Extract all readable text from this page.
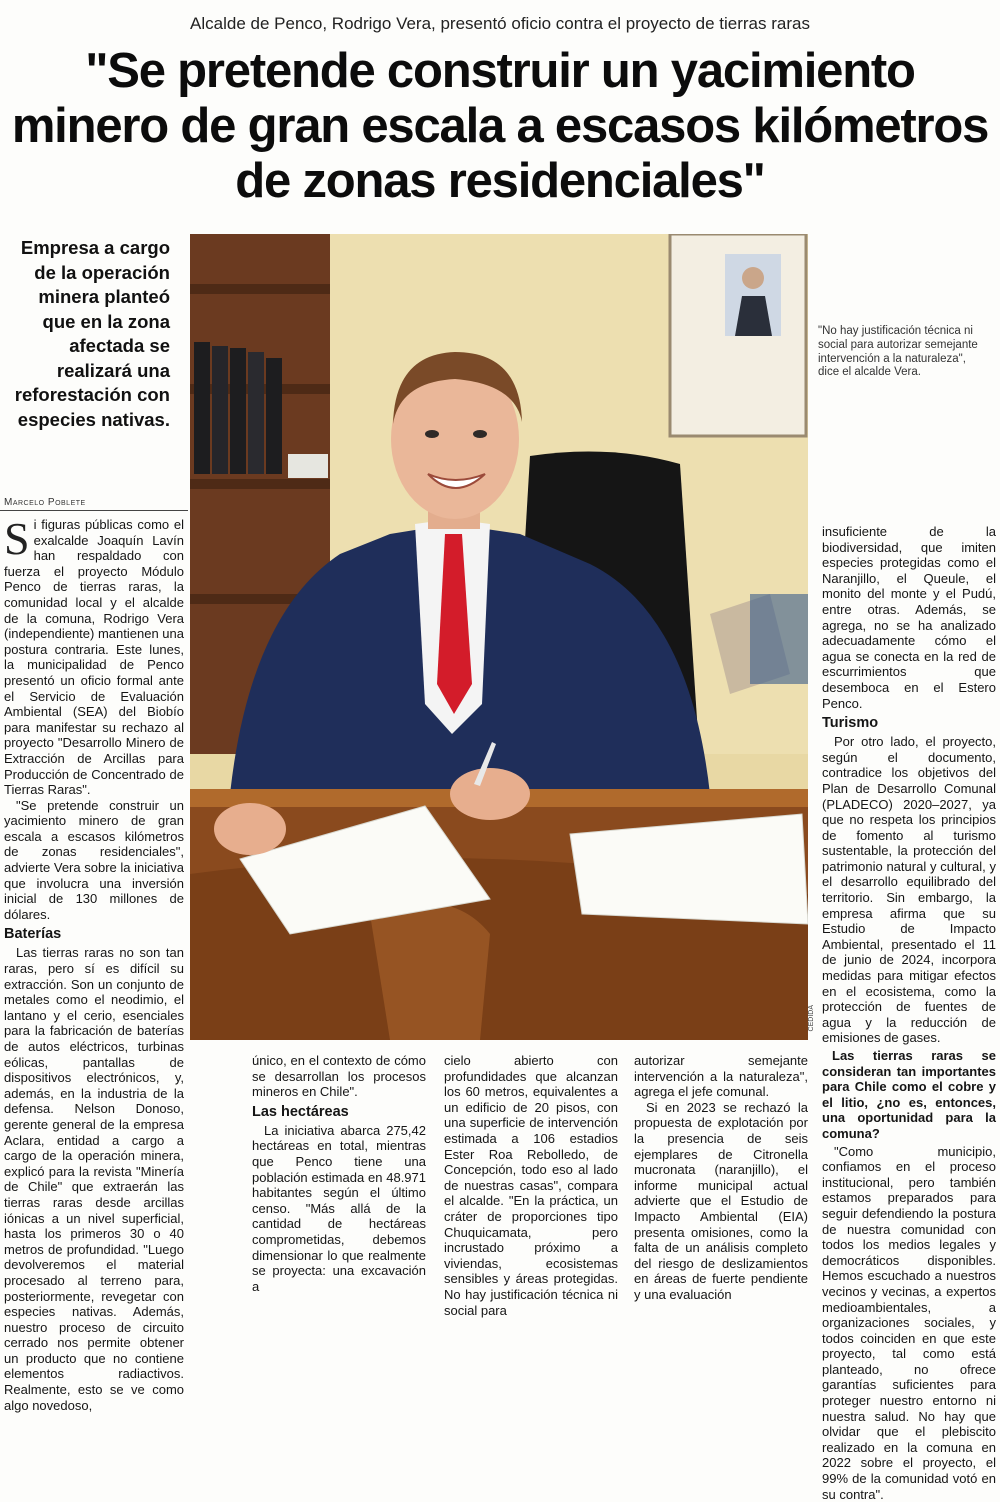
Alcalde de Penco, Rodrigo Vera, presentó oficio contra el proyecto de tierras raras
"Se pretende construir un yacimiento
minero de gran escala a escasos kilómetros
de zonas residenciales"
Empresa a cargo de la operación minera planteó que en la zona afectada se realizará una reforestación con especies nativas.
CEDIDA
"No hay justificación técnica ni social para autorizar semejante intervención a la naturaleza", dice el alcalde Vera.
Marcelo Poblete

Si figuras públicas como el exalcalde Joaquín Lavín han respaldado con fuerza el proyecto Módulo Penco de tierras raras, la comunidad local y el alcalde de la comuna, Rodrigo Vera (independiente) mantienen una postura contraria. Este lunes, la municipalidad de Penco presentó un oficio formal ante el Servicio de Evaluación Ambiental (SEA) del Biobío para manifestar su rechazo al proyecto "Desarrollo Minero de Extracción de Arcillas para Producción de Concentrado de Tierras Raras".

"Se pretende construir un yacimiento minero de gran escala a escasos kilómetros de zonas residenciales", advierte Vera sobre la iniciativa que involucra una inversión inicial de 130 millones de dólares.

Baterías

Las tierras raras no son tan raras, pero sí es difícil su extracción. Son un conjunto de metales como el neodimio, el lantano y el cerio, esenciales para la fabricación de baterías de autos eléctricos, turbinas eólicas, pantallas de dispositivos electrónicos, y, además, en la industria de la defensa. Nelson Donoso, gerente general de la empresa Aclara, entidad a cargo a cargo de la operación minera, explicó para la revista "Minería de Chile" que extraerán las tierras raras desde arcillas iónicas a un nivel superficial, hasta los primeros 30 o 40 metros de profundidad. "Luego devolveremos el material procesado al terreno para, posteriormente, revegetar con especies nativas. Además, nuestro proceso de circuito cerrado nos permite obtener un producto que no contiene elementos radiactivos. Realmente, esto se ve como algo novedoso,

único, en el contexto de cómo se desarrollan los procesos mineros en Chile".

Las hectáreas

La iniciativa abarca 275,42 hectáreas en total, mientras que Penco tiene una población estimada en 48.971 habitantes según el último censo. "Más allá de la cantidad de hectáreas comprometidas, debemos dimensionar lo que realmente se proyecta: una excavación a

cielo abierto con profundidades que alcanzan los 60 metros, equivalentes a un edificio de 20 pisos, con una superficie de intervención estimada a 106 estadios Ester Roa Rebolledo, de Concepción, todo eso al lado de nuestras casas", compara el alcalde. "En la práctica, un cráter de proporciones tipo Chuquicamata, pero incrustado próximo a viviendas, ecosistemas sensibles y áreas protegidas. No hay justificación técnica ni social para

autorizar semejante intervención a la naturaleza", agrega el jefe comunal.

Si en 2023 se rechazó la propuesta de explotación por la presencia de seis ejemplares de Citronella mucronata (naranjillo), el informe municipal actual advierte que el Estudio de Impacto Ambiental (EIA) presenta omisiones, como la falta de un análisis completo del riesgo de deslizamientos en áreas de fuerte pendiente y una evaluación

insuficiente de la biodiversidad, que imiten especies protegidas como el Naranjillo, el Queule, el monito del monte y el Pudú, entre otras. Además, se agrega, no se ha analizado adecuadamente cómo el agua se conecta en la red de escurrimientos que desemboca en el Estero Penco.

Turismo

Por otro lado, el proyecto, según el documento, contradice los objetivos del Plan de Desarrollo Comunal (PLADECO) 2020–2027, ya que no respeta los principios de fomento al turismo sustentable, la protección del patrimonio natural y cultural, y el desarrollo equilibrado del territorio. Sin embargo, la empresa afirma que su Estudio de Impacto Ambiental, presentado el 11 de junio de 2024, incorpora medidas para mitigar efectos en el ecosistema, como la protección de fuentes de agua y la reducción de emisiones de gases.

Las tierras raras se consideran tan importantes para Chile como el cobre y el litio, ¿no es, entonces, una oportunidad para la comuna?

"Como municipio, confiamos en el proceso institucional, pero también estamos preparados para seguir defendiendo la postura de nuestra comunidad con todos los medios legales y democráticos disponibles. Hemos escuchado a nuestros vecinos y vecinas, a expertos medioambientales, a organizaciones sociales, y todos coinciden en que este proyecto, tal como está planteado, no ofrece garantías suficientes para proteger nuestro entorno ni nuestra salud. No hay que olvidar que el plebiscito realizado en la comuna en 2022 sobre el proyecto, el 99% de la comunidad votó en su contra".
